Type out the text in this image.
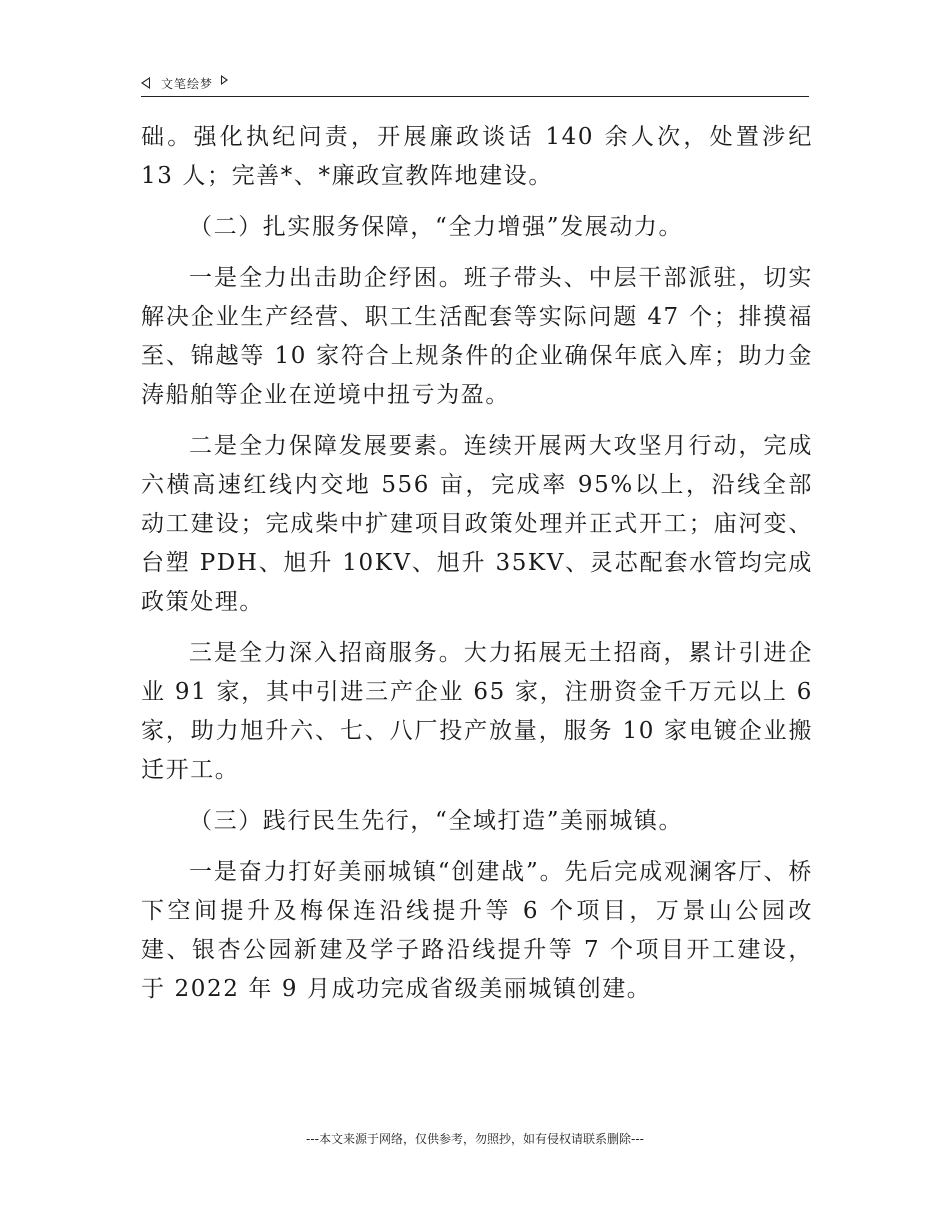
文笔绘梦

础。强化执纪问责，开展廉政谈话 140 余人次，处置涉纪 13 人；完善*、*廉政宣教阵地建设。

（二）扎实服务保障，“全力增强”发展动力。

一是全力出击助企纾困。班子带头、中层干部派驻，切实解决企业生产经营、职工生活配套等实际问题 47 个；排摸福至、锦越等 10 家符合上规条件的企业确保年底入库；助力金涛船舶等企业在逆境中扭亏为盈。

二是全力保障发展要素。连续开展两大攻坚月行动，完成六横高速红线内交地 556 亩，完成率 95%以上，沿线全部动工建设；完成柴中扩建项目政策处理并正式开工；庙河变、台塑 PDH、旭升 10KV、旭升 35KV、灵芯配套水管均完成政策处理。

三是全力深入招商服务。大力拓展无土招商，累计引进企业 91 家，其中引进三产企业 65 家，注册资金千万元以上 6 家，助力旭升六、七、八厂投产放量，服务 10 家电镀企业搬迁开工。

（三）践行民生先行，“全域打造”美丽城镇。

一是奋力打好美丽城镇“创建战”。先后完成观澜客厅、桥下空间提升及梅保连沿线提升等 6 个项目，万景山公园改建、银杏公园新建及学子路沿线提升等 7 个项目开工建设，于 2022 年 9 月成功完成省级美丽城镇创建。

---本文来源于网络，仅供参考，勿照抄，如有侵权请联系删除---
